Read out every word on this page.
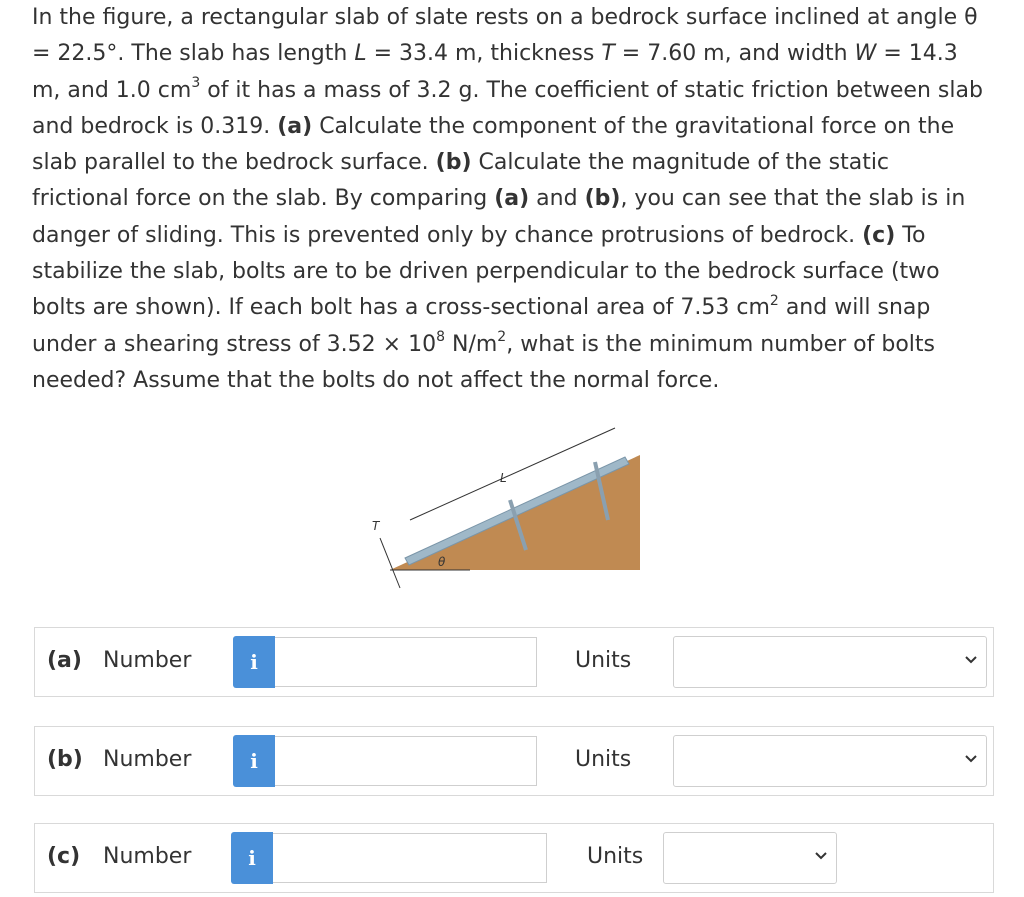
In the figure, a rectangular slab of slate rests on a bedrock surface inclined at angle θ = 22.5°. The slab has length L = 33.4 m, thickness T = 7.60 m, and width W = 14.3 m, and 1.0 $cm^3$ of it has a mass of 3.2 g. The coefficient of static friction between slab and bedrock is 0.319. (a) Calculate the component of the gravitational force on the slab parallel to the bedrock surface. (b) Calculate the magnitude of the static frictional force on the slab. By comparing (a) and (b), you can see that the slab is in danger of sliding. This is prevented only by chance protrusions of bedrock. (c) To stabilize the slab, bolts are to be driven perpendicular to the bedrock surface (two bolts are shown). If each bolt has a cross-sectional area of 7.53 $cm^2$ and will snap under a shearing stress of $3.52 \times 10^8$ $N/m^2$, what is the minimum number of bolts needed? Assume that the bolts do not affect the normal force.
L
T
θ
(a) Number	i	Units
(b) Number	i	Units
(c) Number	i	Units
